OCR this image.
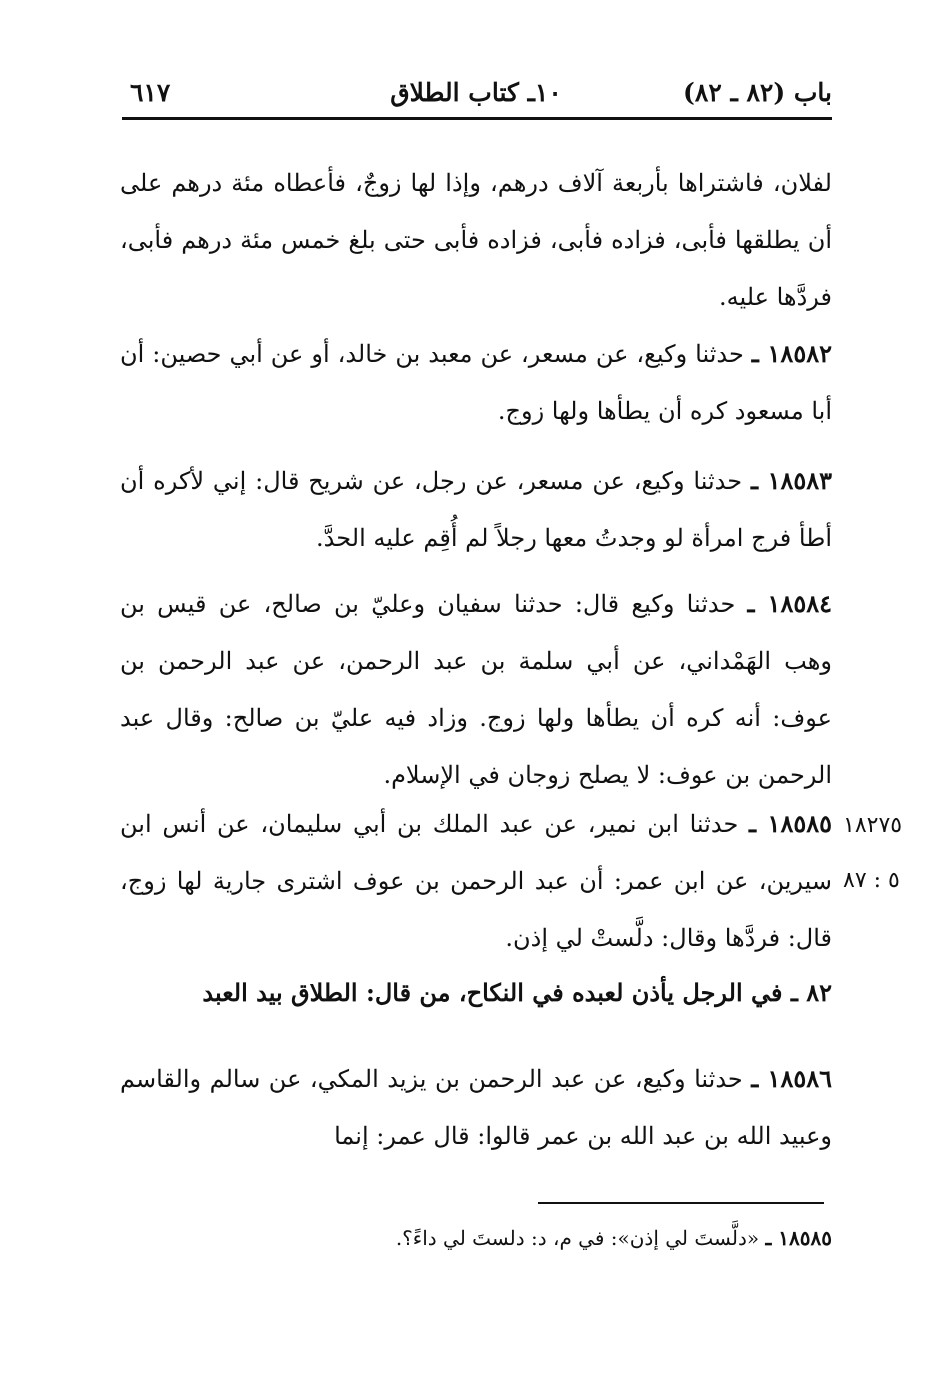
باب (٨٢ ـ ٨٢)
١٠ـ كتاب الطلاق
٦١٧
لفلان، فاشتراها بأربعة آلاف درهم، وإذا لها زوجٌ، فأعطاه مئة درهم على أن يطلقها فأبى، فزاده فأبى، فزاده فأبى حتى بلغ خمس مئة درهم فأبى، فردَّها عليه.
١٨٥٨٢ ـ حدثنا وكيع، عن مسعر، عن معبد بن خالد، أو عن أبي حصين: أن أبا مسعود كره أن يطأها ولها زوج.
١٨٥٨٣ ـ حدثنا وكيع، عن مسعر، عن رجل، عن شريح قال: إني لأكره أن أطأ فرج امرأة لو وجدتُ معها رجلاً لم أُقِم عليه الحدَّ.
١٨٥٨٤ ـ حدثنا وكيع قال: حدثنا سفيان وعليّ بن صالح، عن قيس بن وهب الهَمْداني، عن أبي سلمة بن عبد الرحمن، عن عبد الرحمن بن عوف: أنه كره أن يطأها ولها زوج. وزاد فيه عليّ بن صالح: وقال عبد الرحمن بن عوف: لا يصلح زوجان في الإسلام.
١٨٥٨٥ ـ حدثنا ابن نمير، عن عبد الملك بن أبي سليمان، عن أنس ابن سيرين، عن ابن عمر: أن عبد الرحمن بن عوف اشترى جارية لها زوج، قال: فردَّها وقال: دلَّستْ لي إذن.
١٨٢٧٥
٥ : ٨٧
٨٢ ـ في الرجل يأذن لعبده في النكاح، من قال: الطلاق بيد العبد
١٨٥٨٦ ـ حدثنا وكيع، عن عبد الرحمن بن يزيد المكي، عن سالم والقاسم وعبيد الله بن عبد الله بن عمر قالوا: قال عمر: إنما
١٨٥٨٥ ـ «دلَّستَ لي إذن»: في م، د: دلستَ لي داءً؟.
